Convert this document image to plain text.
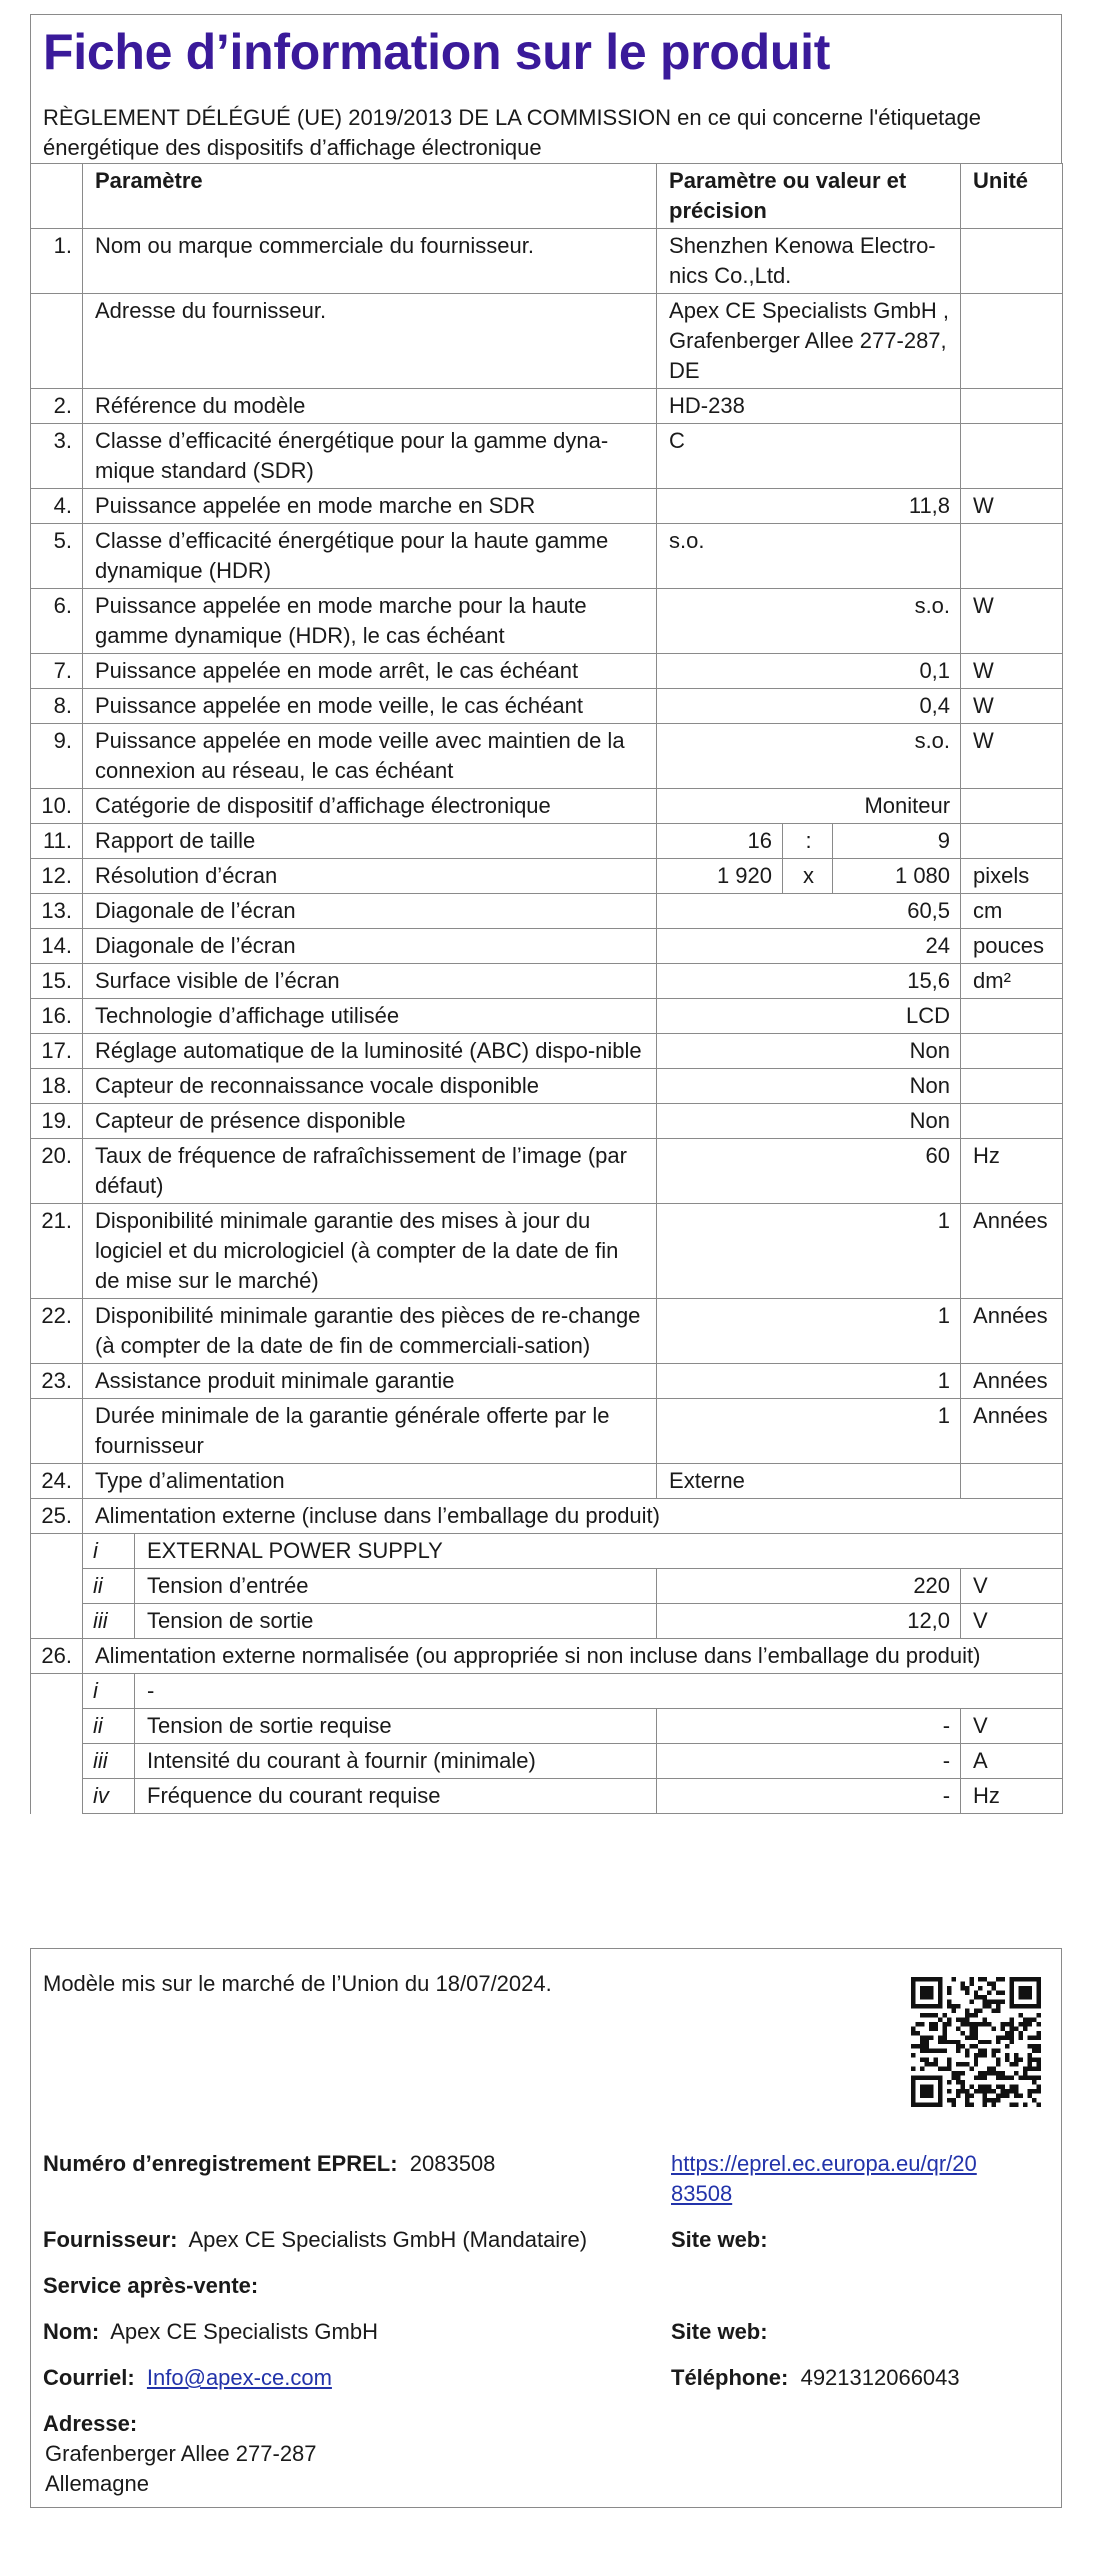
Fiche d’information sur le produit
RÈGLEMENT DÉLÉGUÉ (UE) 2019/2013 DE LA COMMISSION en ce qui concerne l'étiquetage énergétique des dispositifs d’affichage électronique
	Paramètre		Paramètre ou valeur et précision			Unité
1.	Nom ou marque commerciale du fournisseur.		Shenzhen Kenowa Electro-nics Co.,Ltd.			
	Adresse du fournisseur.		Apex CE Specialists GmbH , Grafenberger Allee 277-287, DE			
2.	Référence du modèle		HD-238			
3.	Classe d’efficacité énergétique pour la gamme dyna-mique standard (SDR)		C			
4.	Puissance appelée en mode marche en SDR		11,8			W
5.	Classe d’efficacité énergétique pour la haute gamme dynamique (HDR)		s.o.			
6.	Puissance appelée en mode marche pour la haute gamme dynamique (HDR), le cas échéant		s.o.			W
7.	Puissance appelée en mode arrêt, le cas échéant		0,1			W
8.	Puissance appelée en mode veille, le cas échéant		0,4			W
9.	Puissance appelée en mode veille avec maintien de la connexion au réseau, le cas échéant		s.o.			W
10.	Catégorie de dispositif d’affichage électronique		Moniteur			
11.	Rapport de taille		16	:	9	
12.	Résolution d’écran		1 920	x	1 080	pixels
13.	Diagonale de l’écran		60,5			cm
14.	Diagonale de l’écran		24			pouces
15.	Surface visible de l’écran		15,6			dm²
16.	Technologie d’affichage utilisée		LCD			
17.	Réglage automatique de la luminosité (ABC) dispo-nible		Non			
18.	Capteur de reconnaissance vocale disponible		Non			
19.	Capteur de présence disponible		Non			
20.	Taux de fréquence de rafraîchissement de l’image (par défaut)		60			Hz
21.	Disponibilité minimale garantie des mises à jour du logiciel et du micrologiciel (à compter de la date de fin de mise sur le marché)		1			Années
22.	Disponibilité minimale garantie des pièces de re-change (à compter de la date de fin de commerciali-sation)		1			Années
23.	Assistance produit minimale garantie		1			Années
	Durée minimale de la garantie générale offerte par le fournisseur		1			Années
24.	Type d’alimentation		Externe			
25.	Alimentation externe (incluse dans l’emballage du produit)					
	i	EXTERNAL POWER SUPPLY				
	ii	Tension d’entrée	220			V
	iii	Tension de sortie	12,0			V
26.	Alimentation externe normalisée (ou appropriée si non incluse dans l’emballage du produit)					
	i	-				
	ii	Tension de sortie requise	-			V
	iii	Intensité du courant à fournir (minimale)	-			A
	iv	Fréquence du courant requise	-			Hz
Modèle mis sur le marché de l’Union du 18/07/2024.
Numéro d’enregistrement EPREL: 2083508	https://eprel.ec.europa.eu/qr/20
83508
Fournisseur: Apex CE Specialists GmbH (Mandataire)	Site web:
Service après-vente:
Nom: Apex CE Specialists GmbH	Site web:
Courriel: Info@apex-ce.com	Téléphone: 4921312066043
Adresse:
Grafenberger Allee 277-287
Allemagne
